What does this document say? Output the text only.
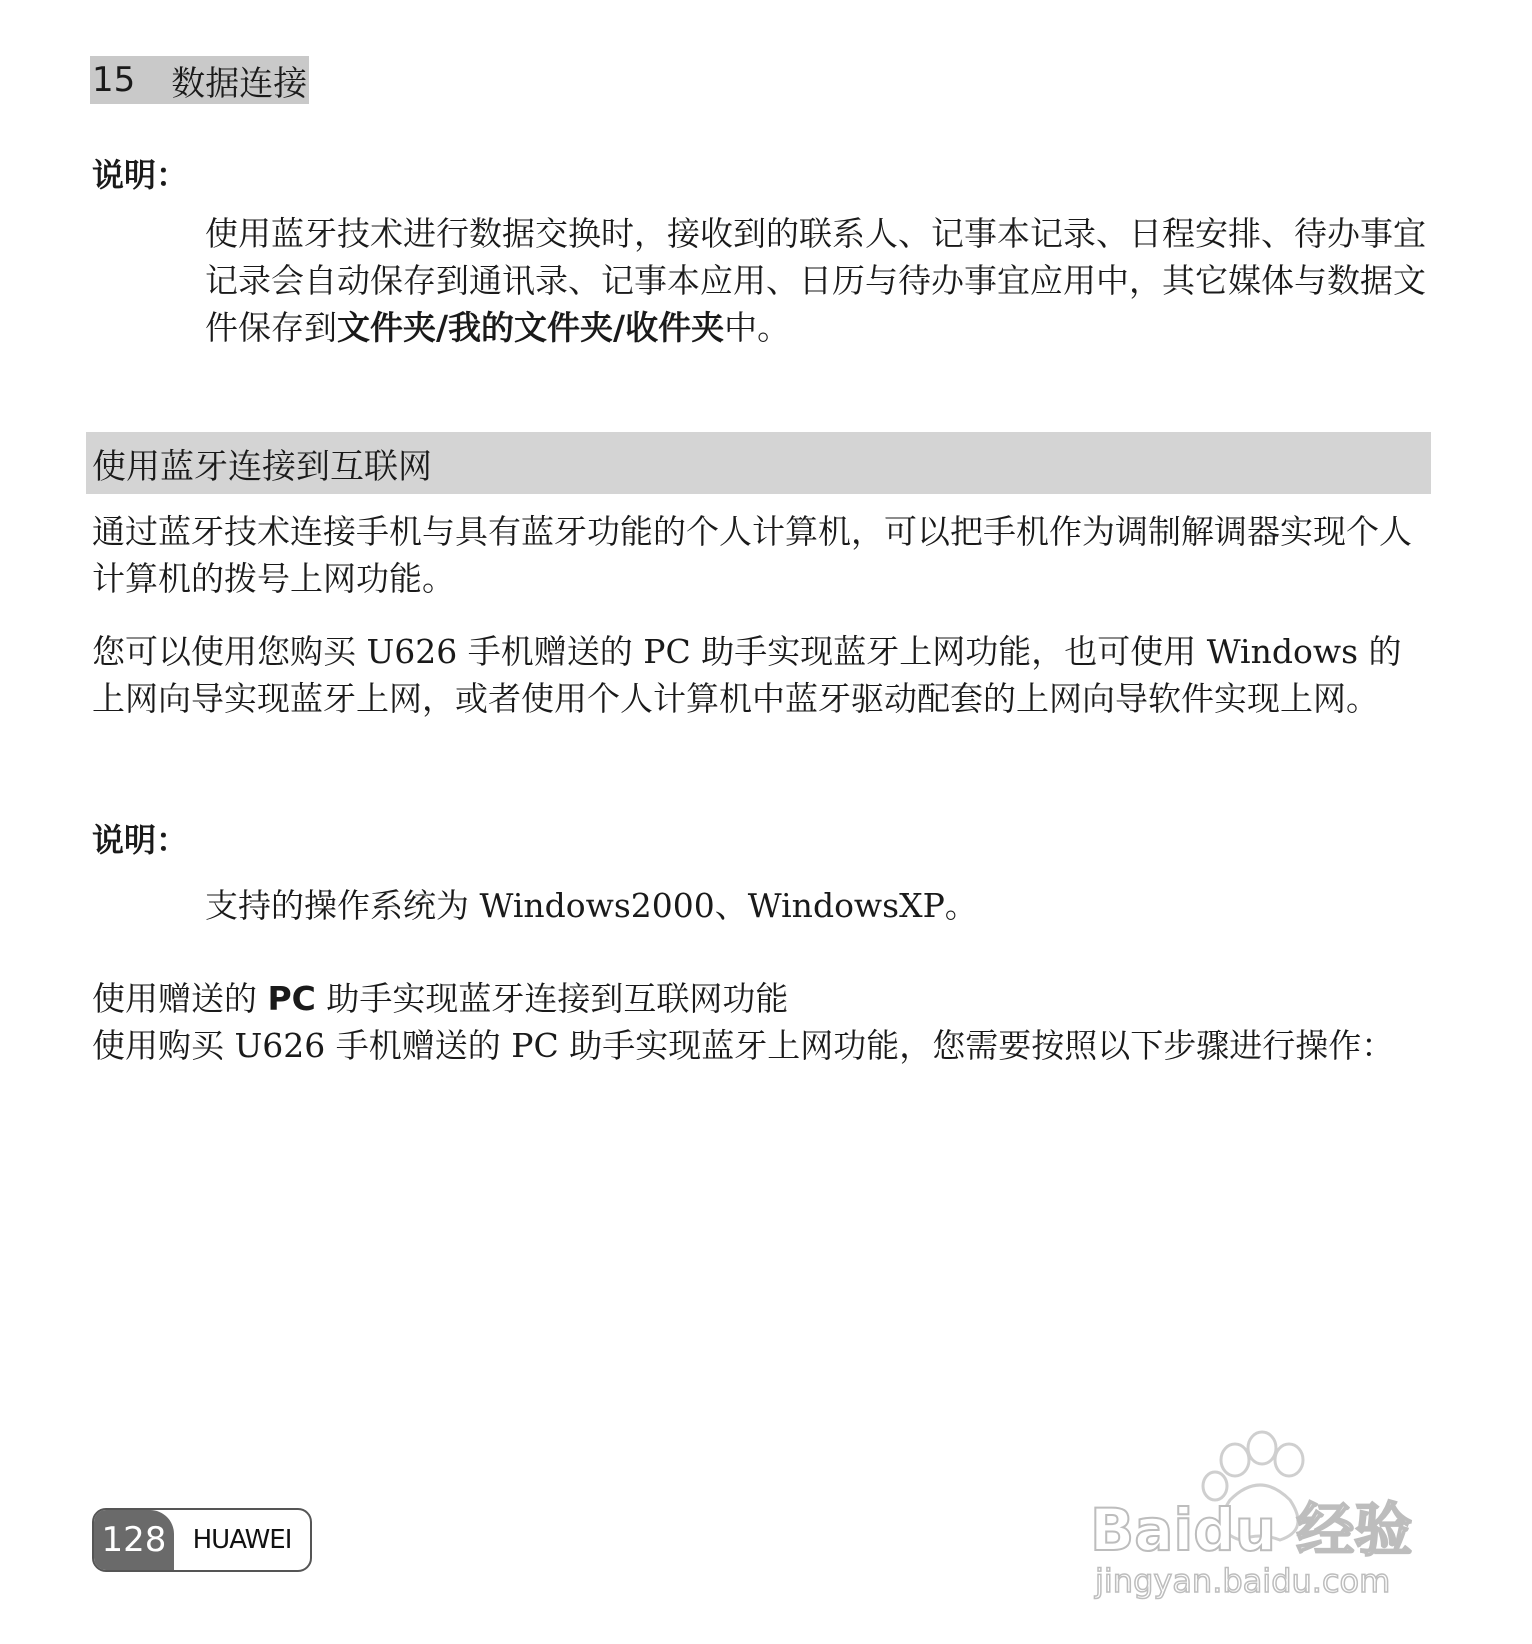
15 数据连接
说明：
使用蓝牙技术进行数据交换时，接收到的联系人、记事本记录、日程安排、待办事宜记录会自动保存到通讯录、记事本应用、日历与待办事宜应用中，其它媒体与数据文件保存到文件夹/我的文件夹/收件夹中。
使用蓝牙连接到互联网
通过蓝牙技术连接手机与具有蓝牙功能的个人计算机，可以把手机作为调制解调器实现个人计算机的拨号上网功能。
您可以使用您购买 U626 手机赠送的 PC 助手实现蓝牙上网功能，也可使用 Windows 的上网向导实现蓝牙上网，或者使用个人计算机中蓝牙驱动配套的上网向导软件实现上网。
说明：
支持的操作系统为 Windows2000、WindowsXP。
使用赠送的 PC 助手实现蓝牙连接到互联网功能
使用购买 U626 手机赠送的 PC 助手实现蓝牙上网功能，您需要按照以下步骤进行操作：
128	HUAWEI	Baidu 经验
jingyan.baidu.com
